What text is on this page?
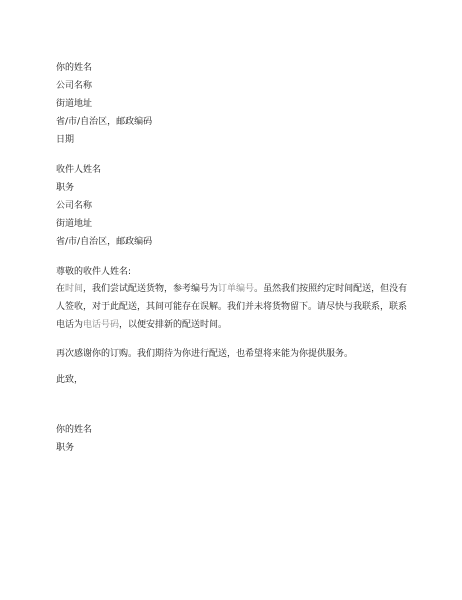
你的姓名
公司名称
街道地址
省/市/自治区，邮政编码
日期
收件人姓名
职务
公司名称
街道地址
省/市/自治区，邮政编码
尊敬的收件人姓名:
在时间，我们尝试配送货物，参考编号为订单编号。虽然我们按照约定时间配送，但没有人签收，对于此配送，其间可能存在误解。我们并未将货物留下。请尽快与我联系，联系电话为电话号码，以便安排新的配送时间。
再次感谢你的订购。我们期待为你进行配送，也希望将来能为你提供服务。
此致，
你的姓名
职务
